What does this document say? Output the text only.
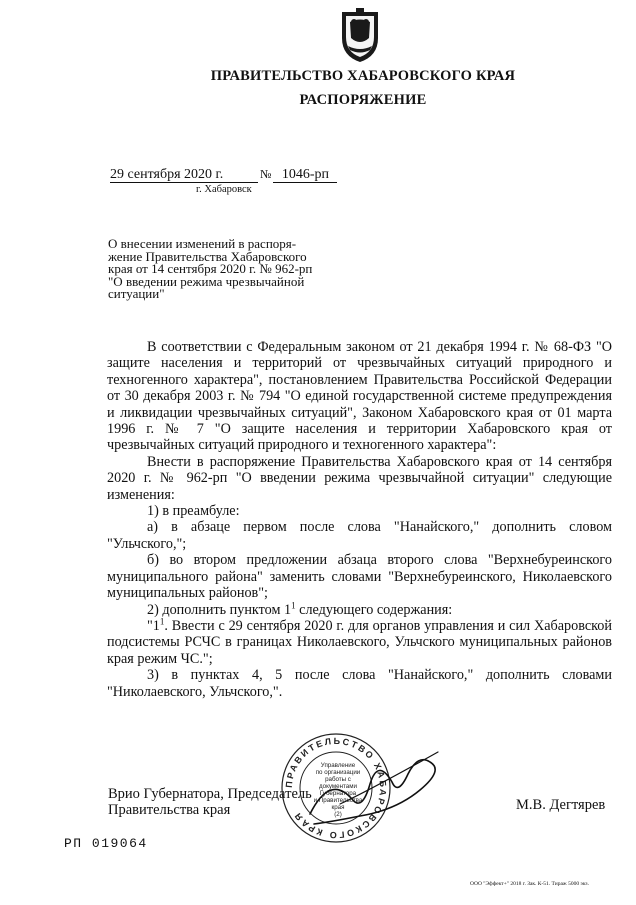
ПРАВИТЕЛЬСТВО ХАБАРОВСКОГО КРАЯ
РАСПОРЯЖЕНИЕ
29 сентября 2020 г.	№ 1046-рп
г. Хабаровск
О внесении изменений в распоря-
жение Правительства Хабаровского
края от 14 сентября 2020 г. № 962-рп
"О введении режима чрезвычайной
ситуации"
В соответствии с Федеральным законом от 21 декабря 1994 г. № 68-ФЗ "О защите населения и территорий от чрезвычайных ситуаций природного и техногенного характера", постановлением Правительства Российской Федерации от 30 декабря 2003 г. № 794 "О единой государственной системе предупреждения и ликвидации чрезвычайных ситуаций", Законом Хабаровского края от 01 марта 1996 г. № 7 "О защите населения и территории Хабаровского края от чрезвычайных ситуаций природного и техногенного характера":
Внести в распоряжение Правительства Хабаровского края от 14 сентября 2020 г. № 962-рп "О введении режима чрезвычайной ситуации" следующие изменения:
1) в преамбуле:
а) в абзаце первом после слова "Нанайского," дополнить словом "Ульчского,";
б) во втором предложении абзаца второго слова "Верхнебуреинского муниципального района" заменить словами "Верхнебуреинского, Николаевского муниципальных районов";
2) дополнить пунктом $1^1$ следующего содержания:
"$1^1$. Ввести с 29 сентября 2020 г. для органов управления и сил Хабаровской подсистемы РСЧС в границах Николаевского, Ульчского муниципальных районов края режим ЧС.";
3) в пунктах 4, 5 после слова "Нанайского," дополнить словами "Николаевского, Ульчского,".
Врио Губернатора, Председатель
Правительства края	М.В. Дегтярев
ПРАВИТЕЛЬСТВО ХАБАРОВСКОГО КРАЯ
Управление
по организации
работы с документами
Губернатора
и Правительства
края
(2)
РП 019064
ООО "Эффект+" 2018 г. Зак. К-51. Тираж 5000 экз.
